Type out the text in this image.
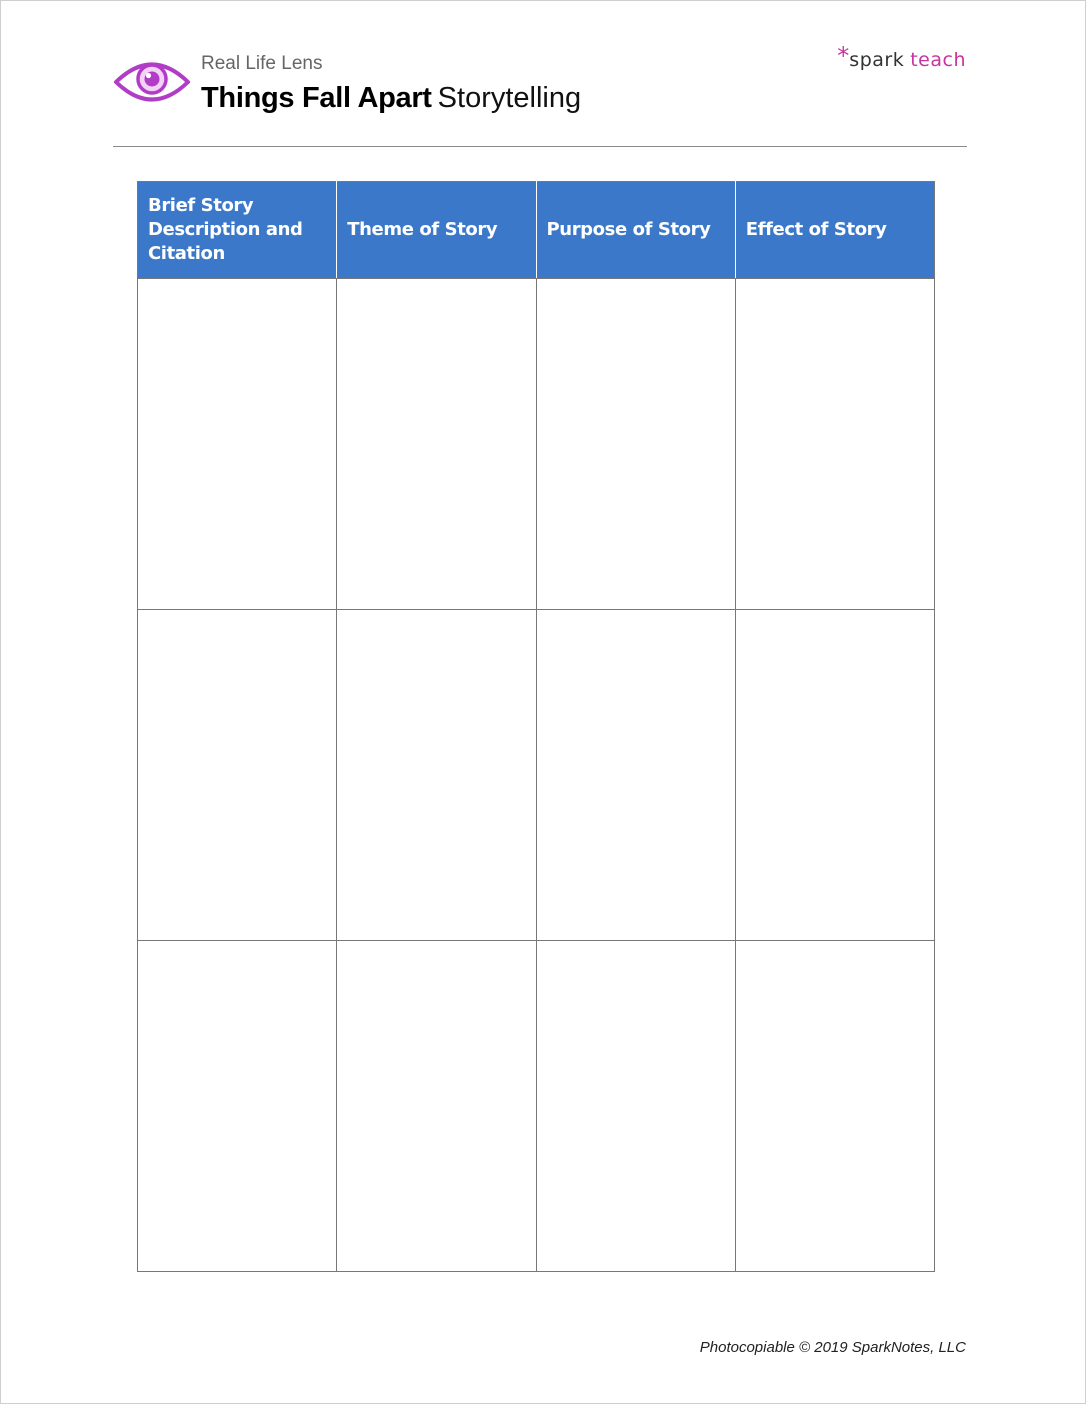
Real Life Lens
Things Fall Apart Storytelling
*spark teach
Brief Story Description and Citation	Theme of Story	Purpose of Story	Effect of Story

Photocopiable © 2019 SparkNotes, LLC
